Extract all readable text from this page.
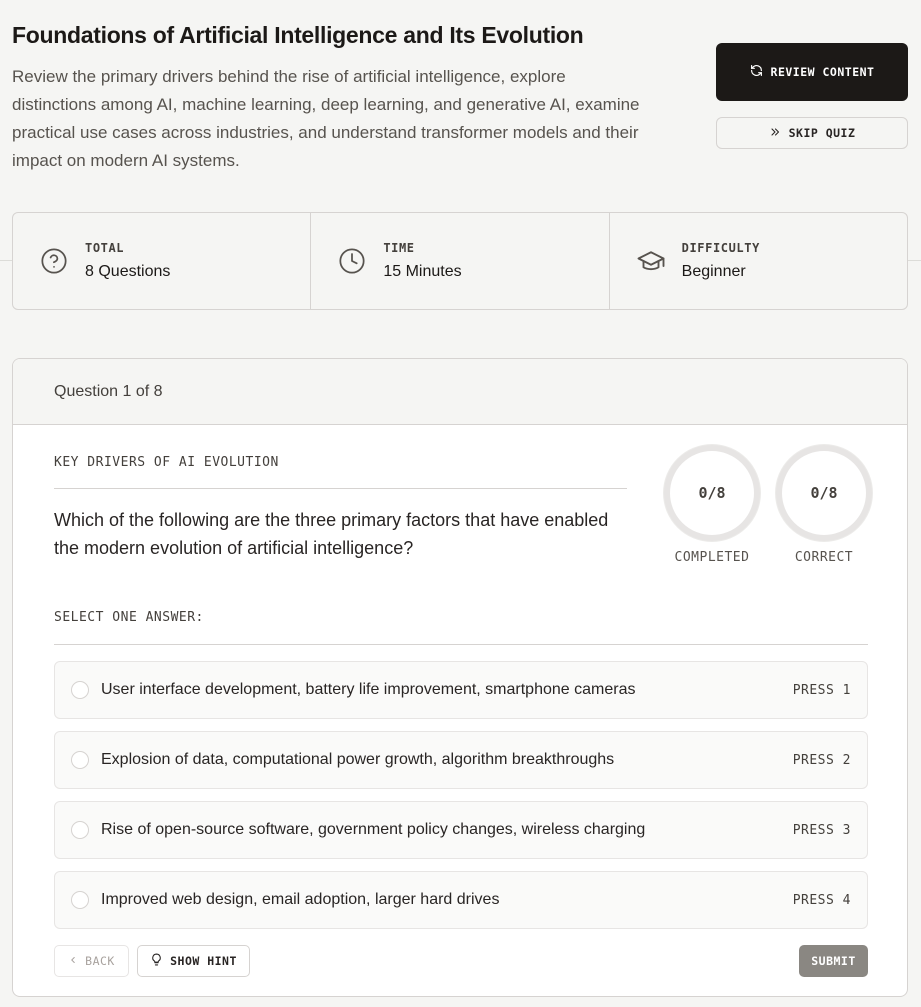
Foundations of Artificial Intelligence and Its Evolution

Review the primary drivers behind the rise of artificial intelligence, explore distinctions among AI, machine learning, deep learning, and generative AI, examine practical use cases across industries, and understand transformer models and their impact on modern AI systems.

REVIEW CONTENT
SKIP QUIZ
TOTAL
8 Questions
TIME
15 Minutes
DIFFICULTY
Beginner
Question 1 of 8
KEY DRIVERS OF AI EVOLUTION
Which of the following are the three primary factors that have enabled the modern evolution of artificial intelligence?
0/8
COMPLETED
0/8
CORRECT
SELECT ONE ANSWER:
User interface development, battery life improvement, smartphone cameras	PRESS 1
Explosion of data, computational power growth, algorithm breakthroughs	PRESS 2
Rise of open-source software, government policy changes, wireless charging	PRESS 3
Improved web design, email adoption, larger hard drives	PRESS 4
BACK	SHOW HINT	SUBMIT
